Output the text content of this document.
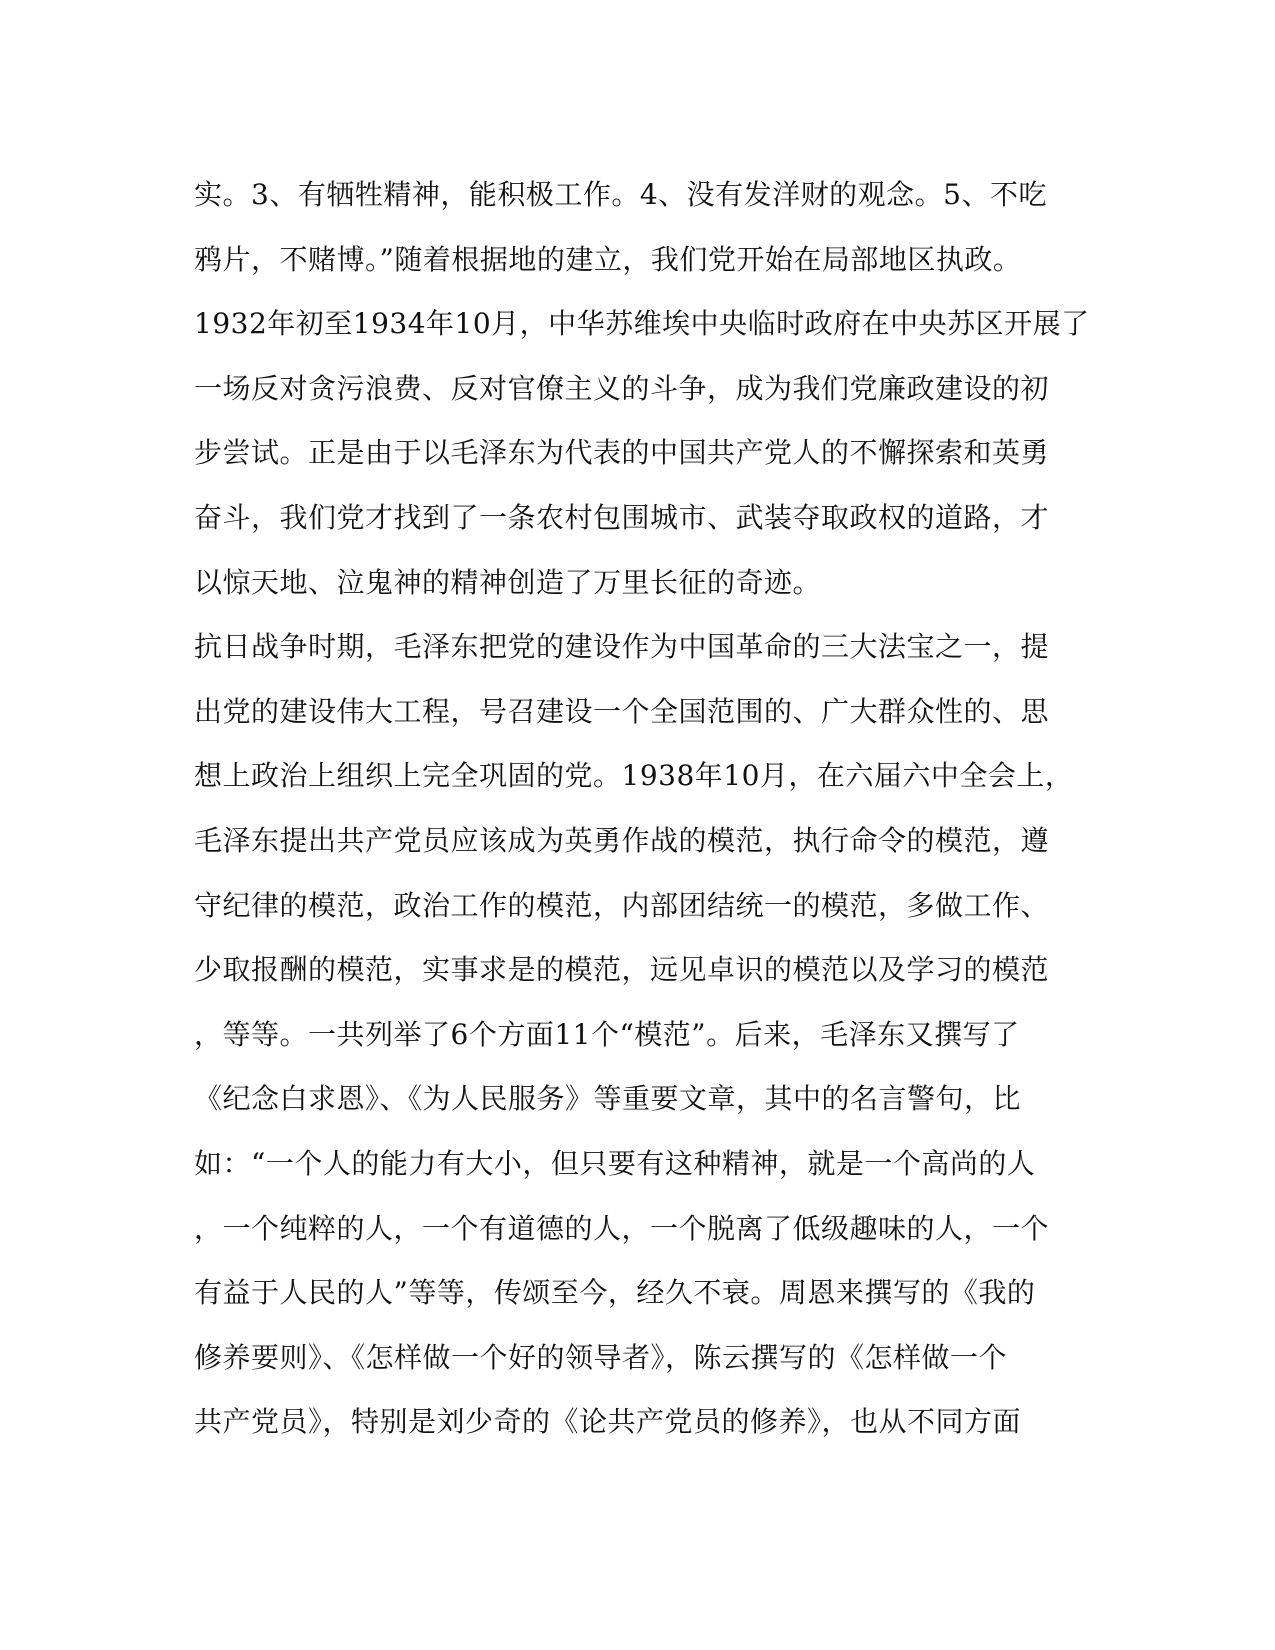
实。3、有牺牲精神，能积极工作。4、没有发洋财的观念。5、不吃
鸦片，不赌博。”随着根据地的建立，我们党开始在局部地区执政。
1932年初至1934年10月，中华苏维埃中央临时政府在中央苏区开展了
一场反对贪污浪费、反对官僚主义的斗争，成为我们党廉政建设的初
步尝试。正是由于以毛泽东为代表的中国共产党人的不懈探索和英勇
奋斗，我们党才找到了一条农村包围城市、武装夺取政权的道路，才
以惊天地、泣鬼神的精神创造了万里长征的奇迹。
抗日战争时期，毛泽东把党的建设作为中国革命的三大法宝之一，提
出党的建设伟大工程，号召建设一个全国范围的、广大群众性的、思
想上政治上组织上完全巩固的党。1938年10月，在六届六中全会上，
毛泽东提出共产党员应该成为英勇作战的模范，执行命令的模范，遵
守纪律的模范，政治工作的模范，内部团结统一的模范，多做工作、
少取报酬的模范，实事求是的模范，远见卓识的模范以及学习的模范
，等等。一共列举了6个方面11个“模范”。后来，毛泽东又撰写了
《纪念白求恩》、《为人民服务》等重要文章，其中的名言警句，比
如：“一个人的能力有大小，但只要有这种精神，就是一个高尚的人
，一个纯粹的人，一个有道德的人，一个脱离了低级趣味的人，一个
有益于人民的人”等等，传颂至今，经久不衰。周恩来撰写的《我的
修养要则》、《怎样做一个好的领导者》，陈云撰写的《怎样做一个
共产党员》，特别是刘少奇的《论共产党员的修养》，也从不同方面
